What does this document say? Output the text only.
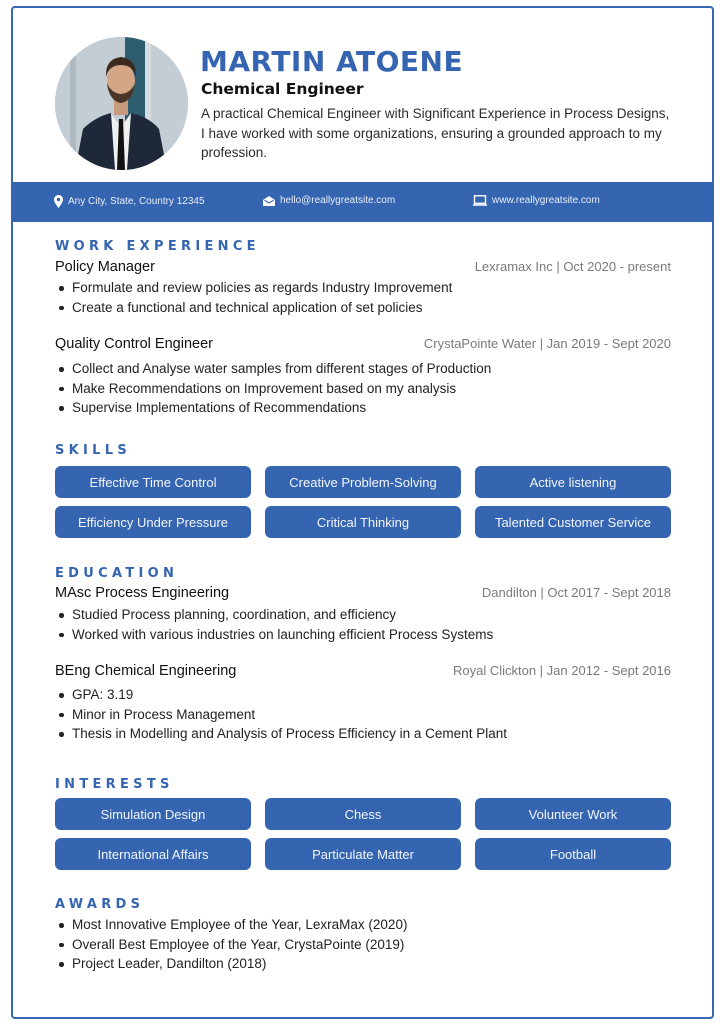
MARTIN ATOENE
Chemical Engineer
A practical Chemical Engineer with Significant Experience in Process Designs, I have worked with some organizations, ensuring a grounded approach to my profession.
Any City, State, Country 12345	hello@reallygreatsite.com	www.reallygreatsite.com
WORK EXPERIENCE
Policy Manager	Lexramax Inc | Oct 2020 - present
Formulate and review policies as regards Industry Improvement
Create a functional and technical application of set policies
Quality Control Engineer	CrystaPointe Water | Jan 2019 - Sept 2020
Collect and Analyse water samples from different stages of Production
Make Recommendations on Improvement based on my analysis
Supervise Implementations of Recommendations
SKILLS
Effective Time Control	Creative Problem-Solving	Active listening
Efficiency Under Pressure	Critical Thinking	Talented Customer Service
EDUCATION
MAsc Process Engineering	Dandilton | Oct 2017 - Sept 2018
Studied Process planning, coordination, and efficiency
Worked with various industries on launching efficient Process Systems
BEng Chemical Engineering	Royal Clickton | Jan 2012 - Sept 2016
GPA: 3.19
Minor in Process Management
Thesis in Modelling and Analysis of Process Efficiency in a Cement Plant
INTERESTS
Simulation Design	Chess	Volunteer Work
International Affairs	Particulate Matter	Football
AWARDS
Most Innovative Employee of the Year, LexraMax (2020)
Overall Best Employee of the Year, CrystaPointe (2019)
Project Leader, Dandilton (2018)
